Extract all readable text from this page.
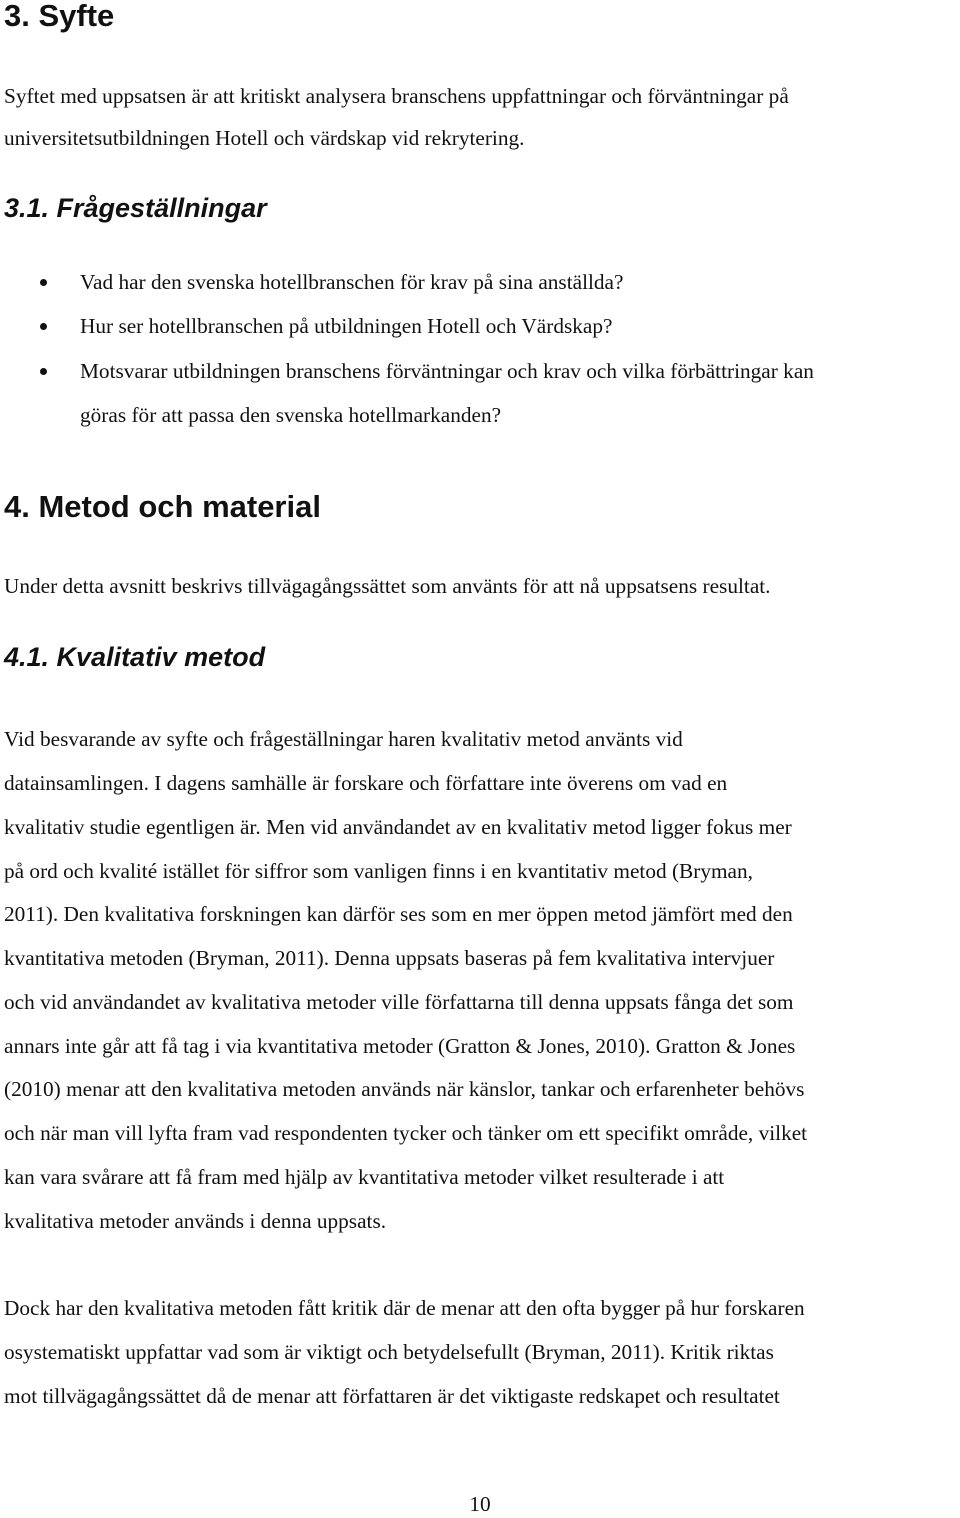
3. Syfte

Syftet med uppsatsen är att kritiskt analysera branschens uppfattningar och förväntningar på

universitetsutbildningen Hotell och värdskap vid rekrytering.

3.1. Frågeställningar

Vad har den svenska hotellbranschen för krav på sina anställda?

Hur ser hotellbranschen på utbildningen Hotell och Värdskap?

Motsvarar utbildningen branschens förväntningar och krav och vilka förbättringar kan

göras för att passa den svenska hotellmarkanden?

4. Metod och material

Under detta avsnitt beskrivs tillvägagångssättet som använts för att nå uppsatsens resultat.

4.1. Kvalitativ metod

Vid besvarande av syfte och frågeställningar haren kvalitativ metod använts vid

datainsamlingen. I dagens samhälle är forskare och författare inte överens om vad en

kvalitativ studie egentligen är. Men vid användandet av en kvalitativ metod ligger fokus mer

på ord och kvalité istället för siffror som vanligen finns i en kvantitativ metod (Bryman,

2011). Den kvalitativa forskningen kan därför ses som en mer öppen metod jämfört med den

kvantitativa metoden (Bryman, 2011). Denna uppsats baseras på fem kvalitativa intervjuer

och vid användandet av kvalitativa metoder ville författarna till denna uppsats fånga det som

annars inte går att få tag i via kvantitativa metoder (Gratton & Jones, 2010). Gratton & Jones

(2010) menar att den kvalitativa metoden används när känslor, tankar och erfarenheter behövs

och när man vill lyfta fram vad respondenten tycker och tänker om ett specifikt område, vilket

kan vara svårare att få fram med hjälp av kvantitativa metoder vilket resulterade i att

kvalitativa metoder används i denna uppsats.

Dock har den kvalitativa metoden fått kritik där de menar att den ofta bygger på hur forskaren

osystematiskt uppfattar vad som är viktigt och betydelsefullt (Bryman, 2011). Kritik riktas

mot tillvägagångssättet då de menar att författaren är det viktigaste redskapet och resultatet

10
